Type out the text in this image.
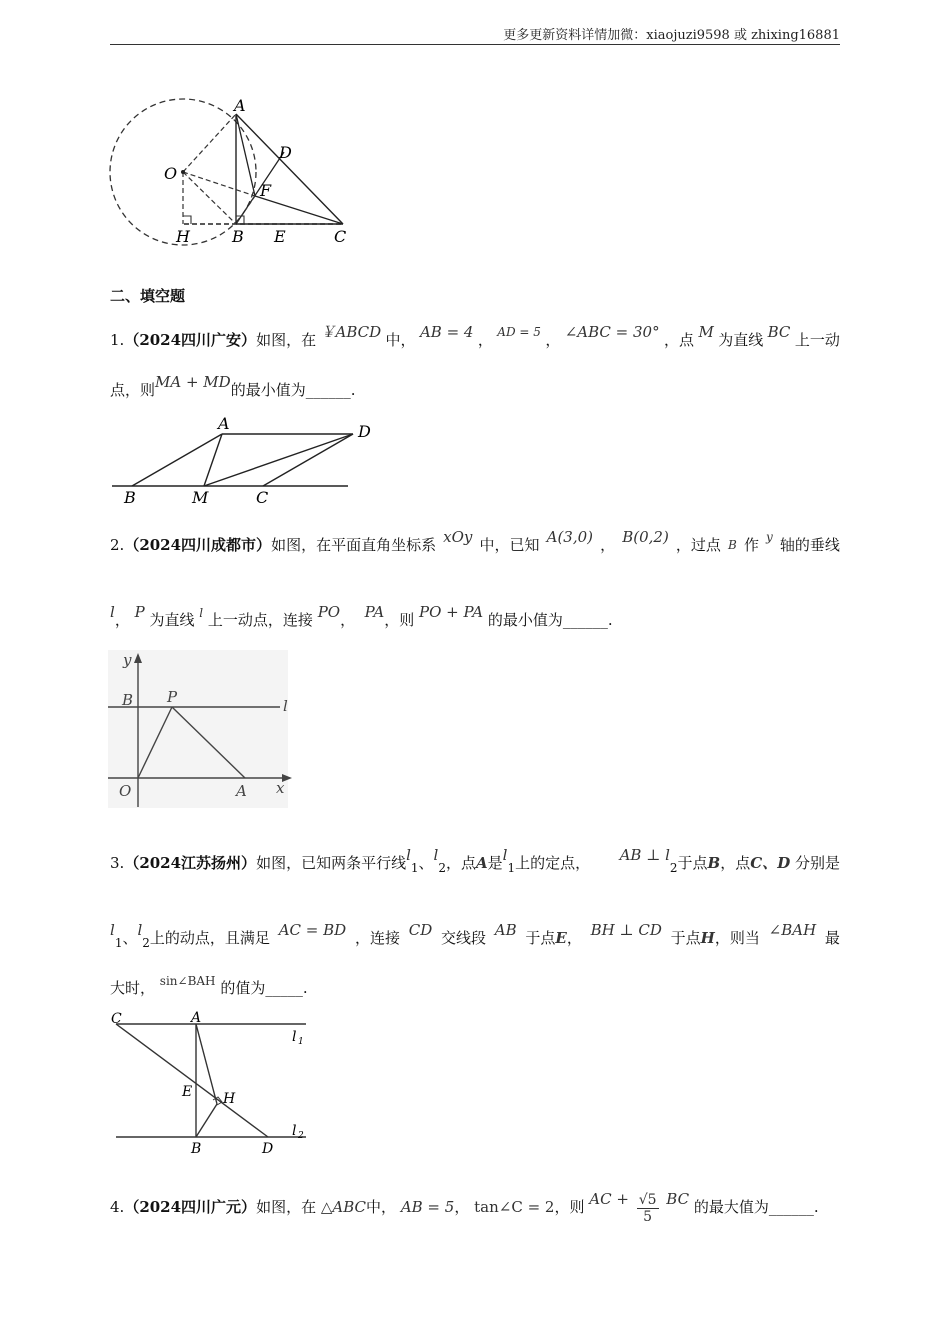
更多更新资料详情加微：xiaojuzi9598 或 zhixing16881
A
D
O
F
H	B E	C
二、填空题
1.（2024四川广安）如图，在 ￥ABCD 中， AB = 4 ， AD = 5 ， ∠ABC = 30° ，点 M 为直线 BC 上一动
点，则MA + MD的最小值为______.
A	D
B	M	C
2.（2024四川成都市）如图，在平面直角坐标系 xOy 中，已知 A(3,0) ， B(0,2) ，过点 B 作 y 轴的垂线
l， P 为直线 $^l$ 上一动点，连接 PO， PA，则 PO + PA 的最小值为______.
y
B P	l
O	A x
3.（2024江苏扬州）如图，已知两条平行线$l_1$、$l_2$，点A是$l_1$上的定点， AB ⊥ $l_2$于点B，点C、D 分别是
$l_1$、$l_2$上的动点，且满足 AC = BD ，连接 CD 交线段 AB 于点E， BH ⊥ CD 于点H，则当 ∠BAH 最
大时， $^{sin\angle BAH}$ 的值为_____.
C	A
l 1
E H
l 2
B	D
4.（2024四川广元）如图，在 △ABC中， AB = 5， tan∠C = 2，则 AC + $\frac{√5}{5}$ BC 的最大值为______.
